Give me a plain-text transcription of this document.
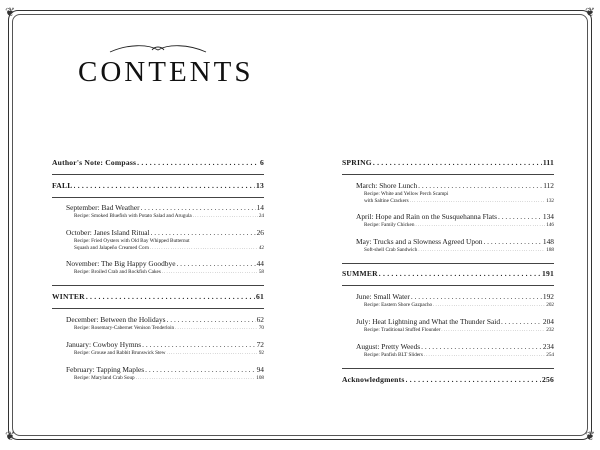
❦	❦
❦	❦
CONTENTS
Author's Note: Compass . . .	6
FALL . . .	13
September: Bad Weather . . .	14
Recipe: Smoked Bluefish with Potato Salad and Arugula . . .	24
October: Janes Island Ritual . . .	26
Recipe: Fried Oysters with Old Bay Whipped Butternut
Squash and Jalapeño Creamed Corn . . .	42
November: The Big Happy Goodbye . . .	44
Recipe: Broiled Crab and Rockfish Cakes . . .	58
WINTER . . .	61
December: Between the Holidays . . .	62
Recipe: Rosemary-Cabernet Venison Tenderloin . . .	70
January: Cowboy Hymns . . .	72
Recipe: Grouse and Rabbit Brunswick Stew . . .	92
February: Tapping Maples . . .	94
Recipe: Maryland Crab Soup . . .	108
SPRING . . .	111
March: Shore Lunch . . .	112
Recipe: White and Yellow Perch Scampi
with Saltine Crackers . . .	132
April: Hope and Rain on the Susquehanna Flats . . .	134
Recipe: Family Chicken . . .	146
May: Trucks and a Slowness Agreed Upon . . .	148
Soft-shell Crab Sandwich . . .	188
SUMMER . . .	191
June: Small Water . . .	192
Recipe: Eastern Shore Gazpacho . . .	202
July: Heat Lightning and What the Thunder Said . . .	204
Recipe: Traditional Stuffed Flounder . . .	232
August: Pretty Weeds . . .	234
Recipe: Panfish BLT Sliders . . .	254
Acknowledgments . . .	256
